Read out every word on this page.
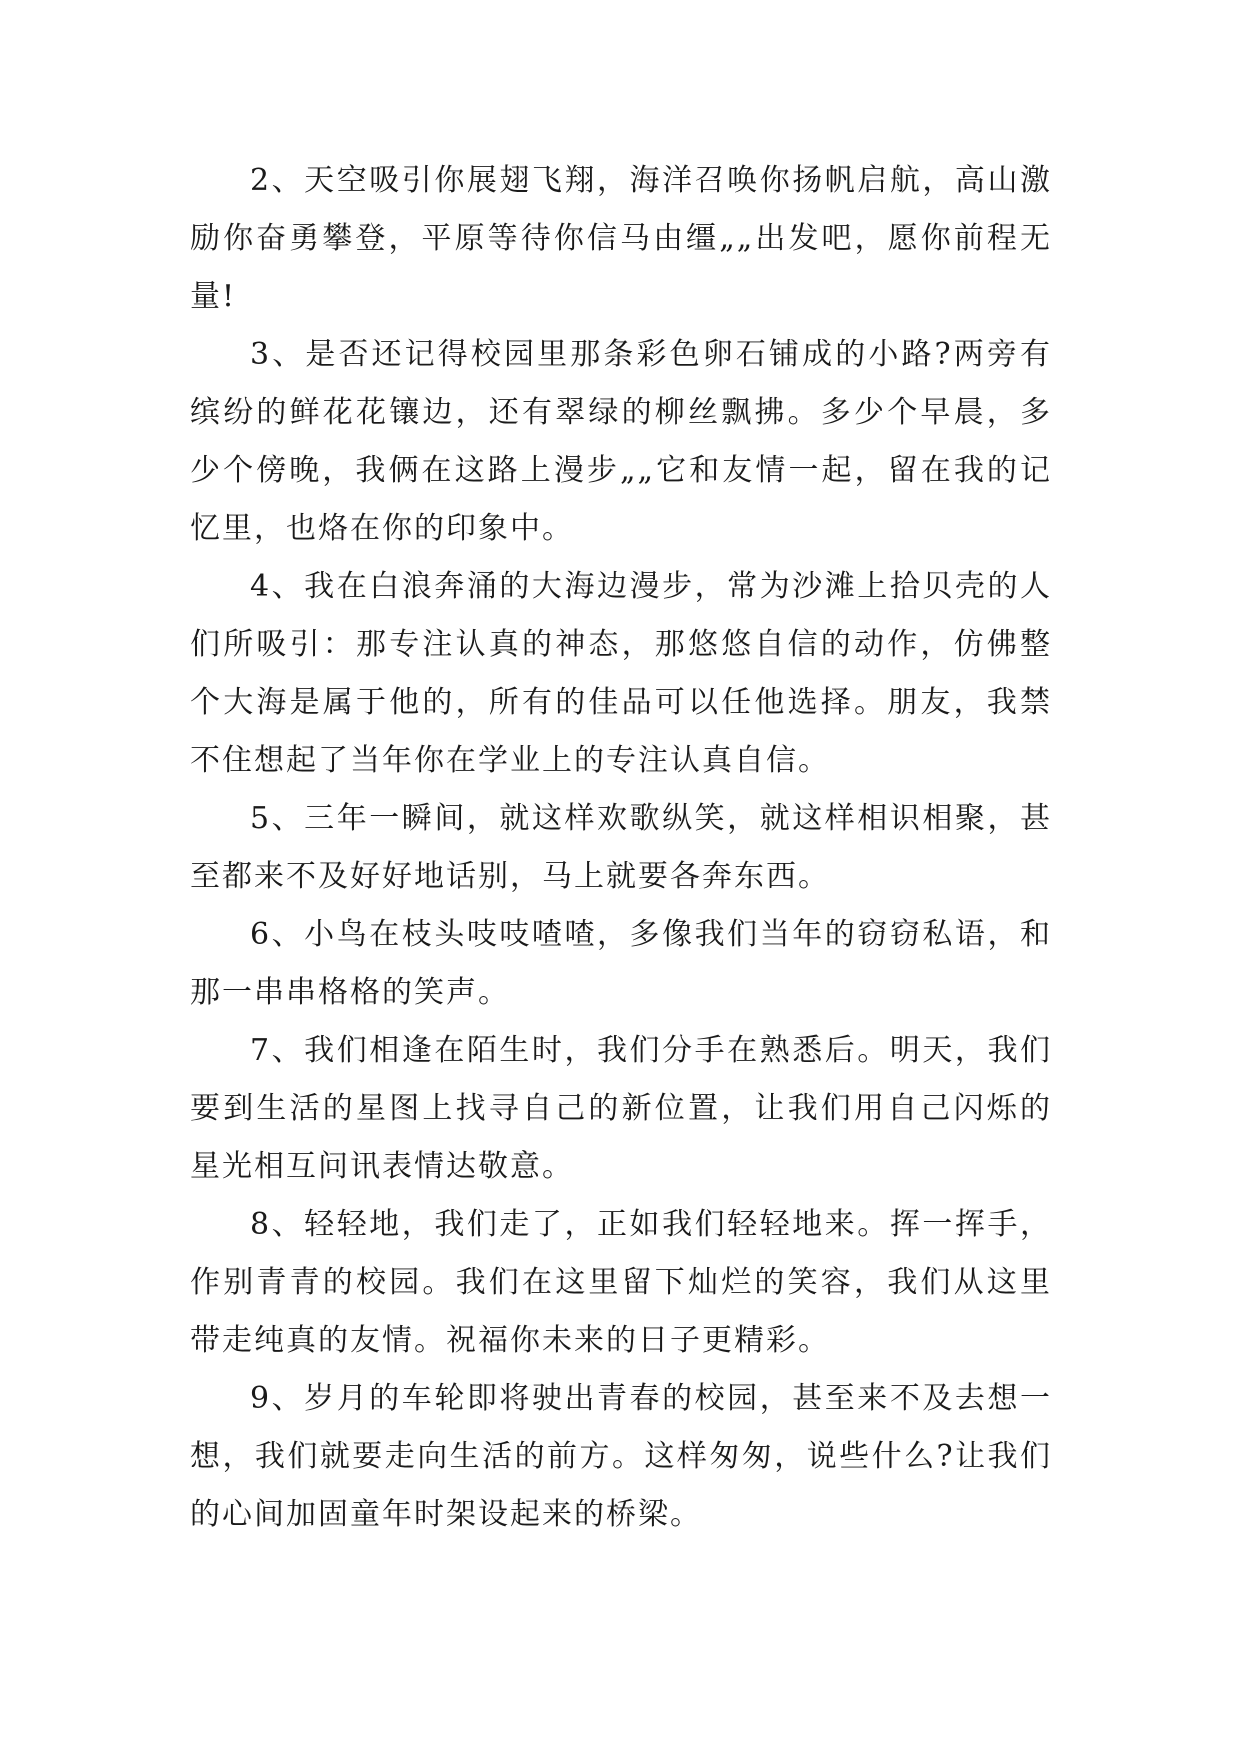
2、天空吸引你展翅飞翔，海洋召唤你扬帆启航，高山激励你奋勇攀登，平原等待你信马由缰„„出发吧，愿你前程无量!

3、是否还记得校园里那条彩色卵石铺成的小路?两旁有缤纷的鲜花花镶边，还有翠绿的柳丝飘拂。多少个早晨，多少个傍晚，我俩在这路上漫步„„它和友情一起，留在我的记忆里，也烙在你的印象中。

4、我在白浪奔涌的大海边漫步，常为沙滩上拾贝壳的人们所吸引：那专注认真的神态，那悠悠自信的动作，仿佛整个大海是属于他的，所有的佳品可以任他选择。朋友，我禁不住想起了当年你在学业上的专注认真自信。

5、三年一瞬间，就这样欢歌纵笑，就这样相识相聚，甚至都来不及好好地话别，马上就要各奔东西。

6、小鸟在枝头吱吱喳喳，多像我们当年的窃窃私语，和那一串串格格的笑声。

7、我们相逢在陌生时，我们分手在熟悉后。明天，我们要到生活的星图上找寻自己的新位置，让我们用自己闪烁的星光相互问讯表情达敬意。

8、轻轻地，我们走了，正如我们轻轻地来。挥一挥手，作别青青的校园。我们在这里留下灿烂的笑容，我们从这里带走纯真的友情。祝福你未来的日子更精彩。

9、岁月的车轮即将驶出青春的校园，甚至来不及去想一想，我们就要走向生活的前方。这样匆匆，说些什么?让我们的心间加固童年时架设起来的桥梁。
